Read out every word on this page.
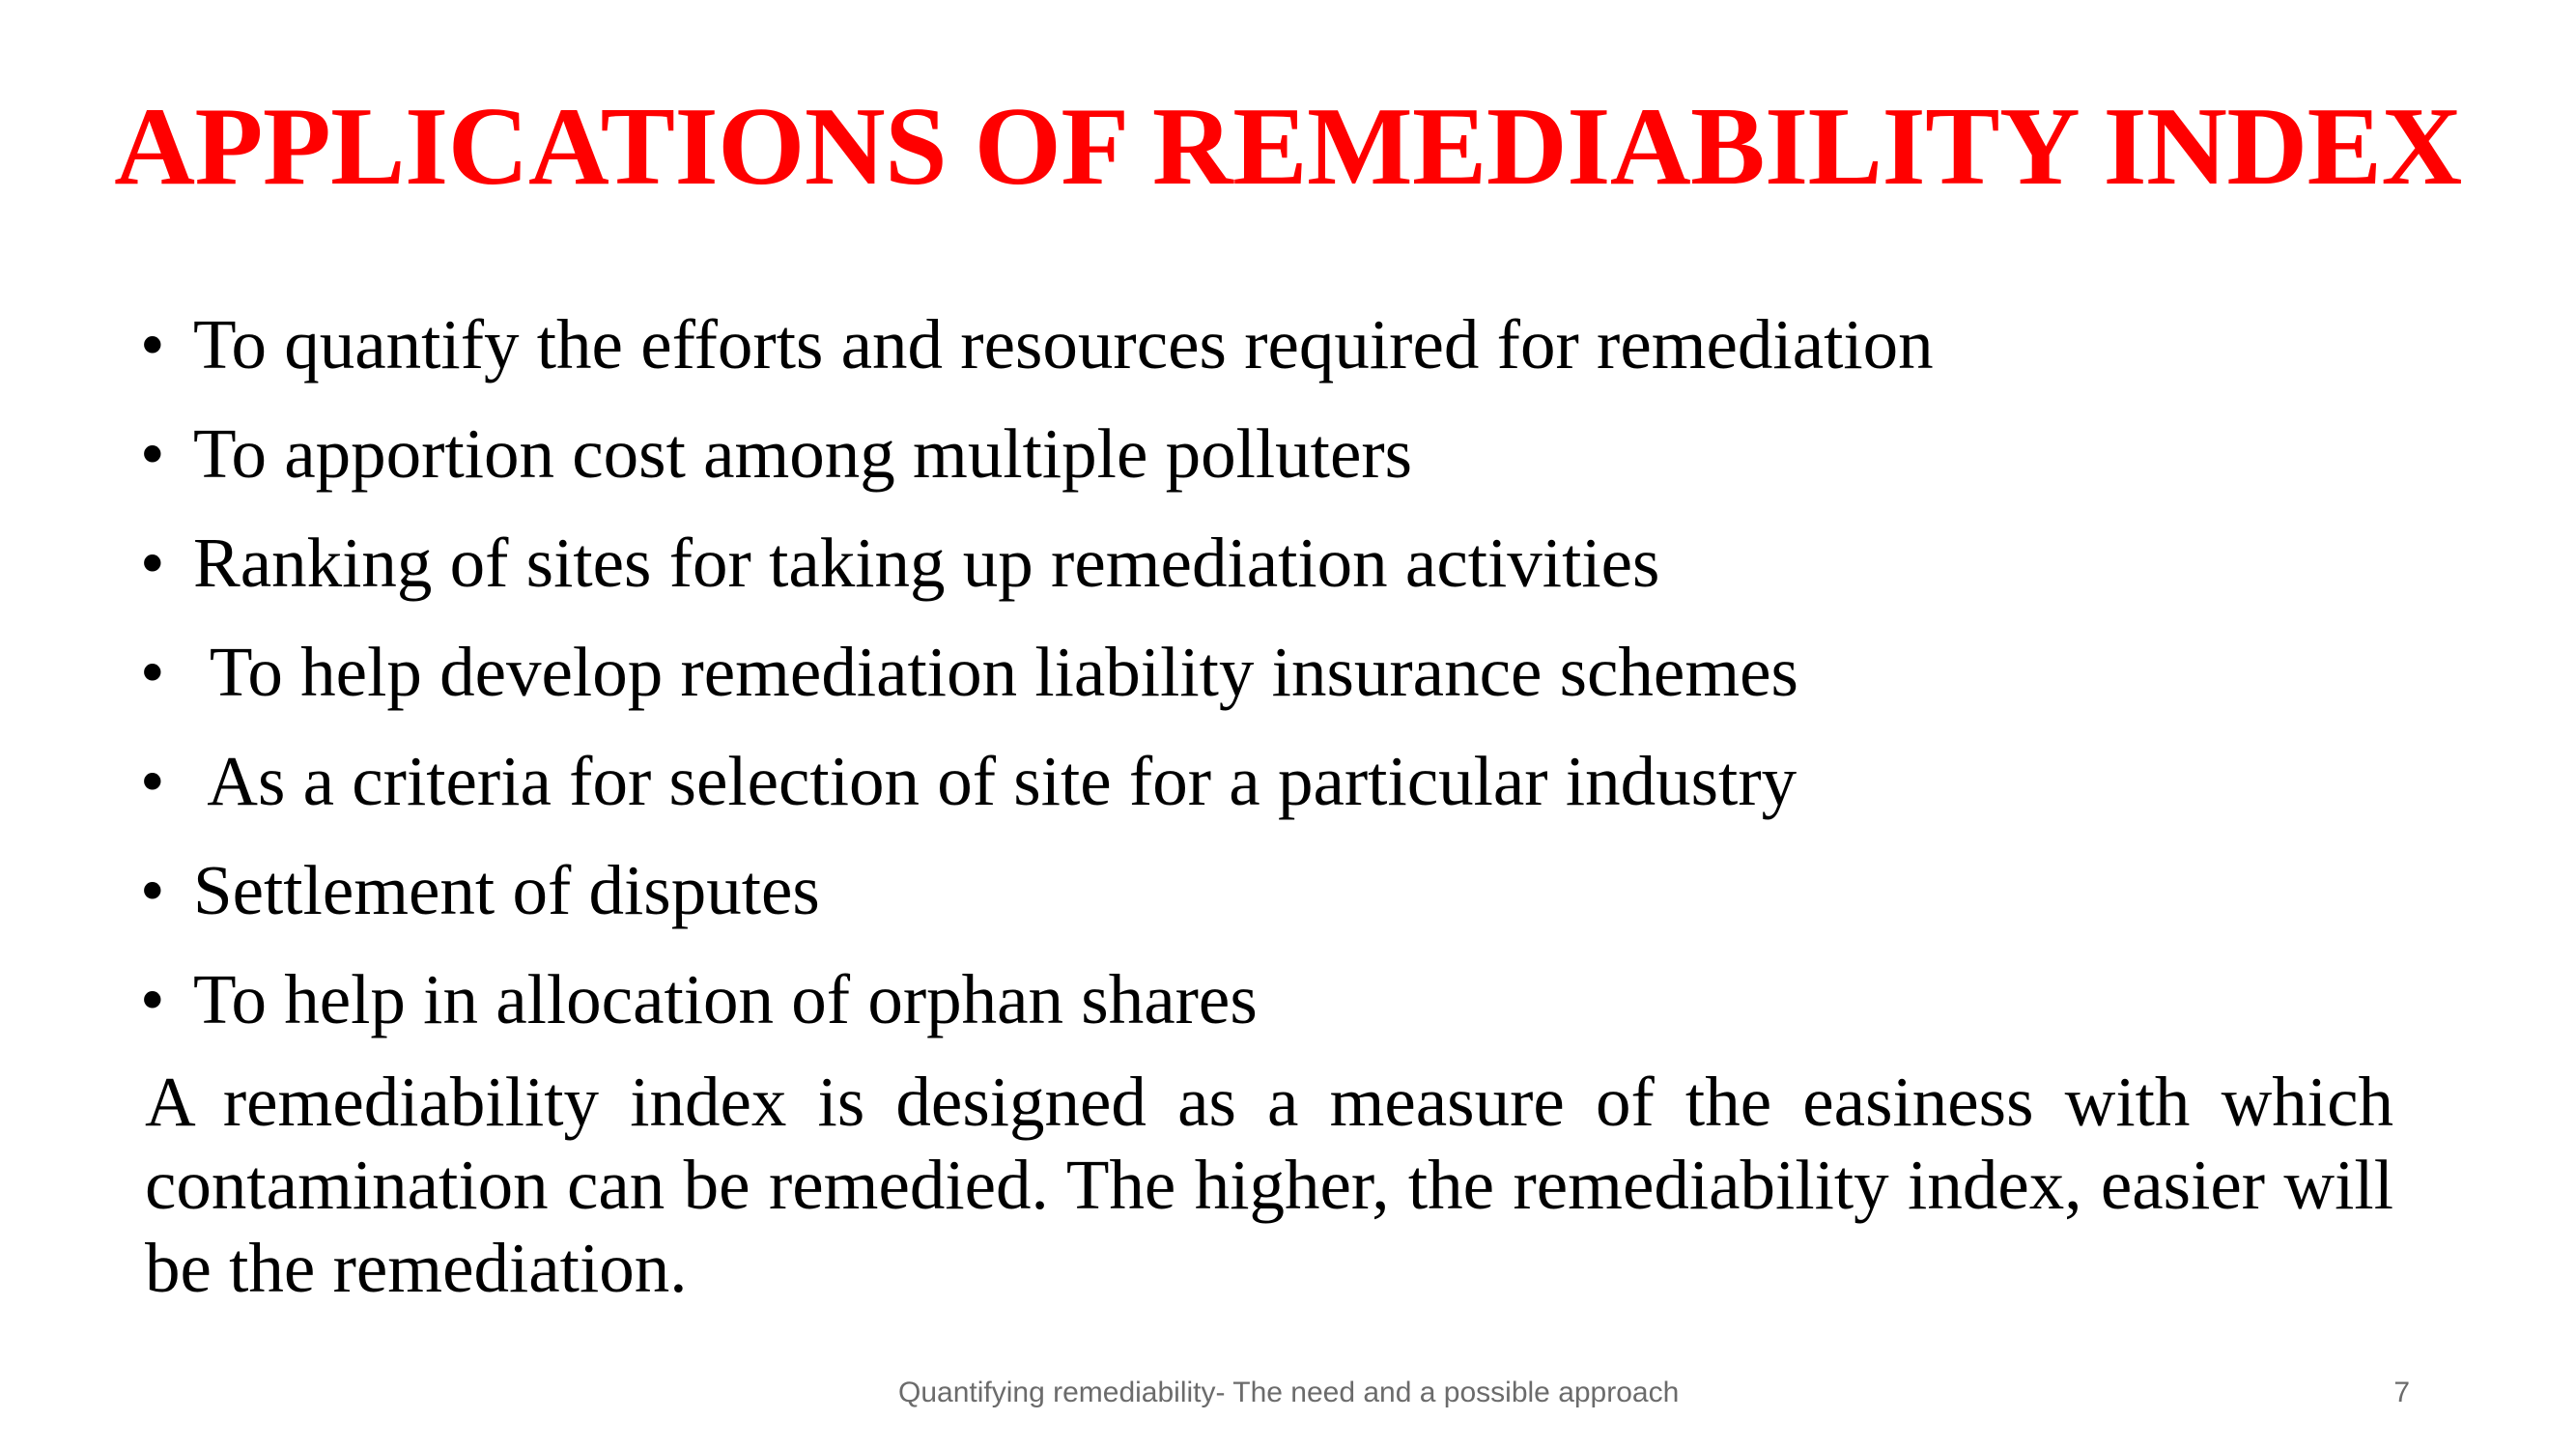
APPLICATIONS OF REMEDIABILITY INDEX
• To quantify the efforts and resources required for remediation
• To apportion cost among multiple polluters
• Ranking of sites for taking up remediation activities
• To help develop remediation liability insurance schemes
• As a criteria for selection of site for a particular industry
• Settlement of disputes
• To help in allocation of orphan shares

A remediability index is designed as a measure of the easiness with which contamination can be remedied. The higher, the remediability index, easier will be the remediation.

Quantifying remediability- The need and a possible approach	7
